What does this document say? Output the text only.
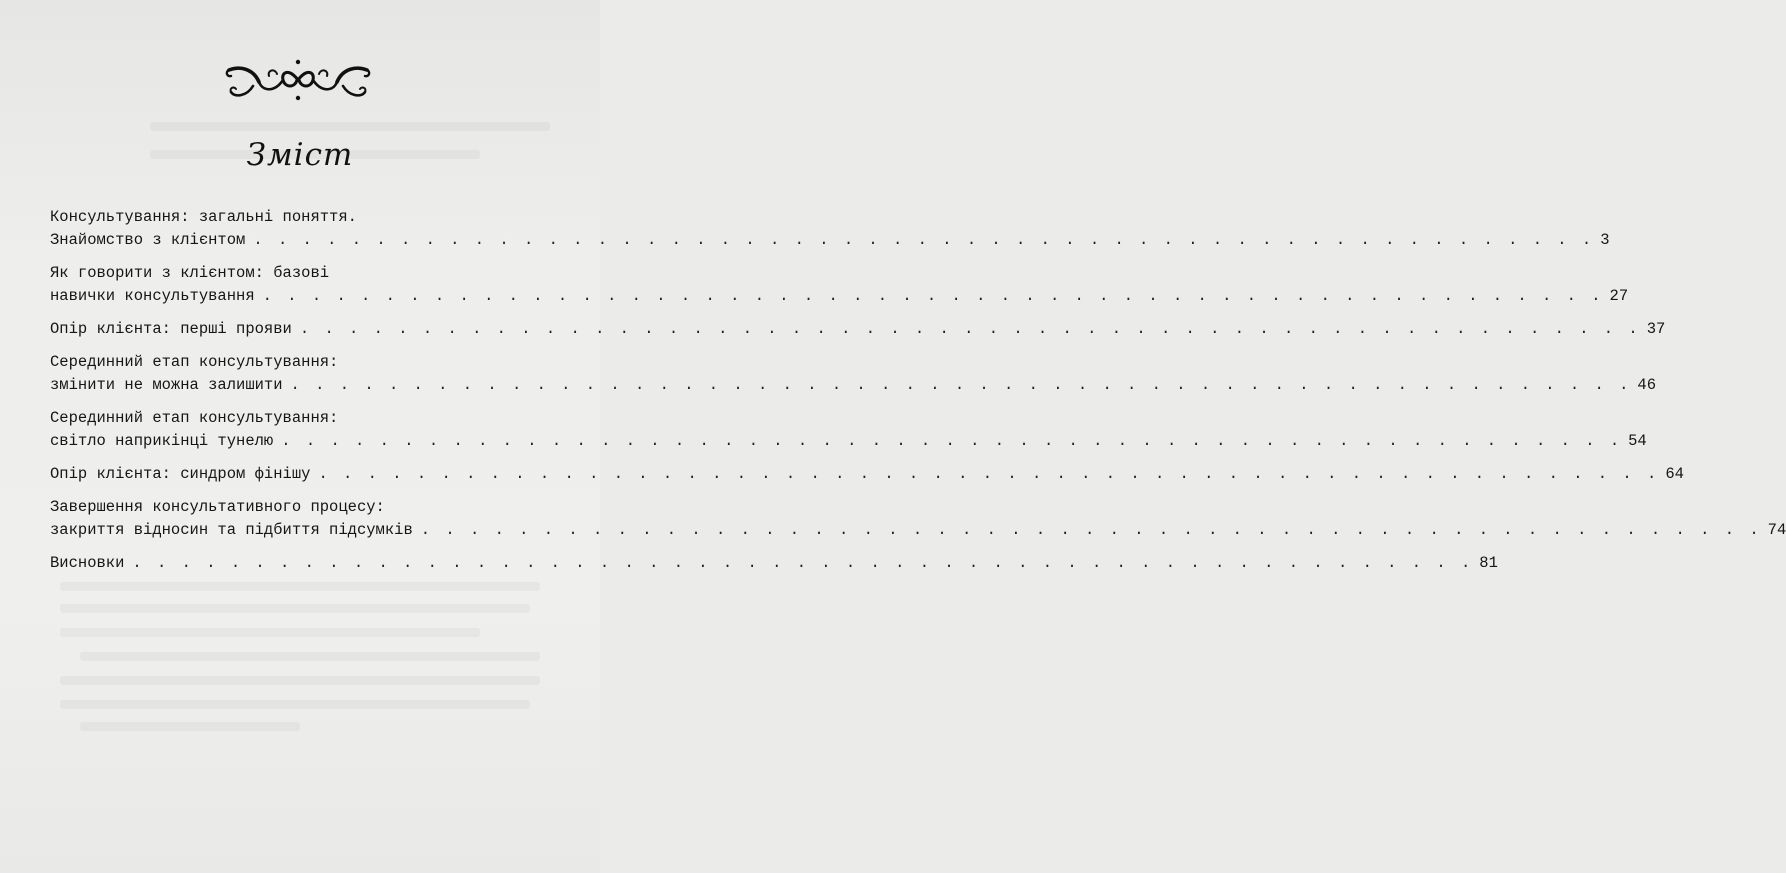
Зміст
Консультування: загальні поняття.
Знайомство з клієнтом . . . . . . . . . . . . . . . . . . . . . . . . . . . . . . . . . . . . . . . . . . . . . . . . . . . . . . . 3
Як говорити з клієнтом: базові
навички консультування . . . . . . . . . . . . . . . . . . . . . . . . . . . . . . . . . . . . . . . . . . . . . . . . . . . . . . . 27
Опір клієнта: перші прояви . . . . . . . . . . . . . . . . . . . . . . . . . . . . . . . . . . . . . . . . . . . . . . . . . . . . . . . 37
Серединний етап консультування:
змінити не можна залишити . . . . . . . . . . . . . . . . . . . . . . . . . . . . . . . . . . . . . . . . . . . . . . . . . . . . . . . 46
Серединний етап консультування:
світло наприкінці тунелю . . . . . . . . . . . . . . . . . . . . . . . . . . . . . . . . . . . . . . . . . . . . . . . . . . . . . . . 54
Опір клієнта: синдром фінішу . . . . . . . . . . . . . . . . . . . . . . . . . . . . . . . . . . . . . . . . . . . . . . . . . . . . . . . 64
Завершення консультативного процесу:
закриття відносин та підбиття підсумків . . . . . . . . . . . . . . . . . . . . . . . . . . . . . . . . . . . . . . . . . . . . . . . . . . . . . . . 74
Висновки . . . . . . . . . . . . . . . . . . . . . . . . . . . . . . . . . . . . . . . . . . . . . . . . . . . . . . . 81
